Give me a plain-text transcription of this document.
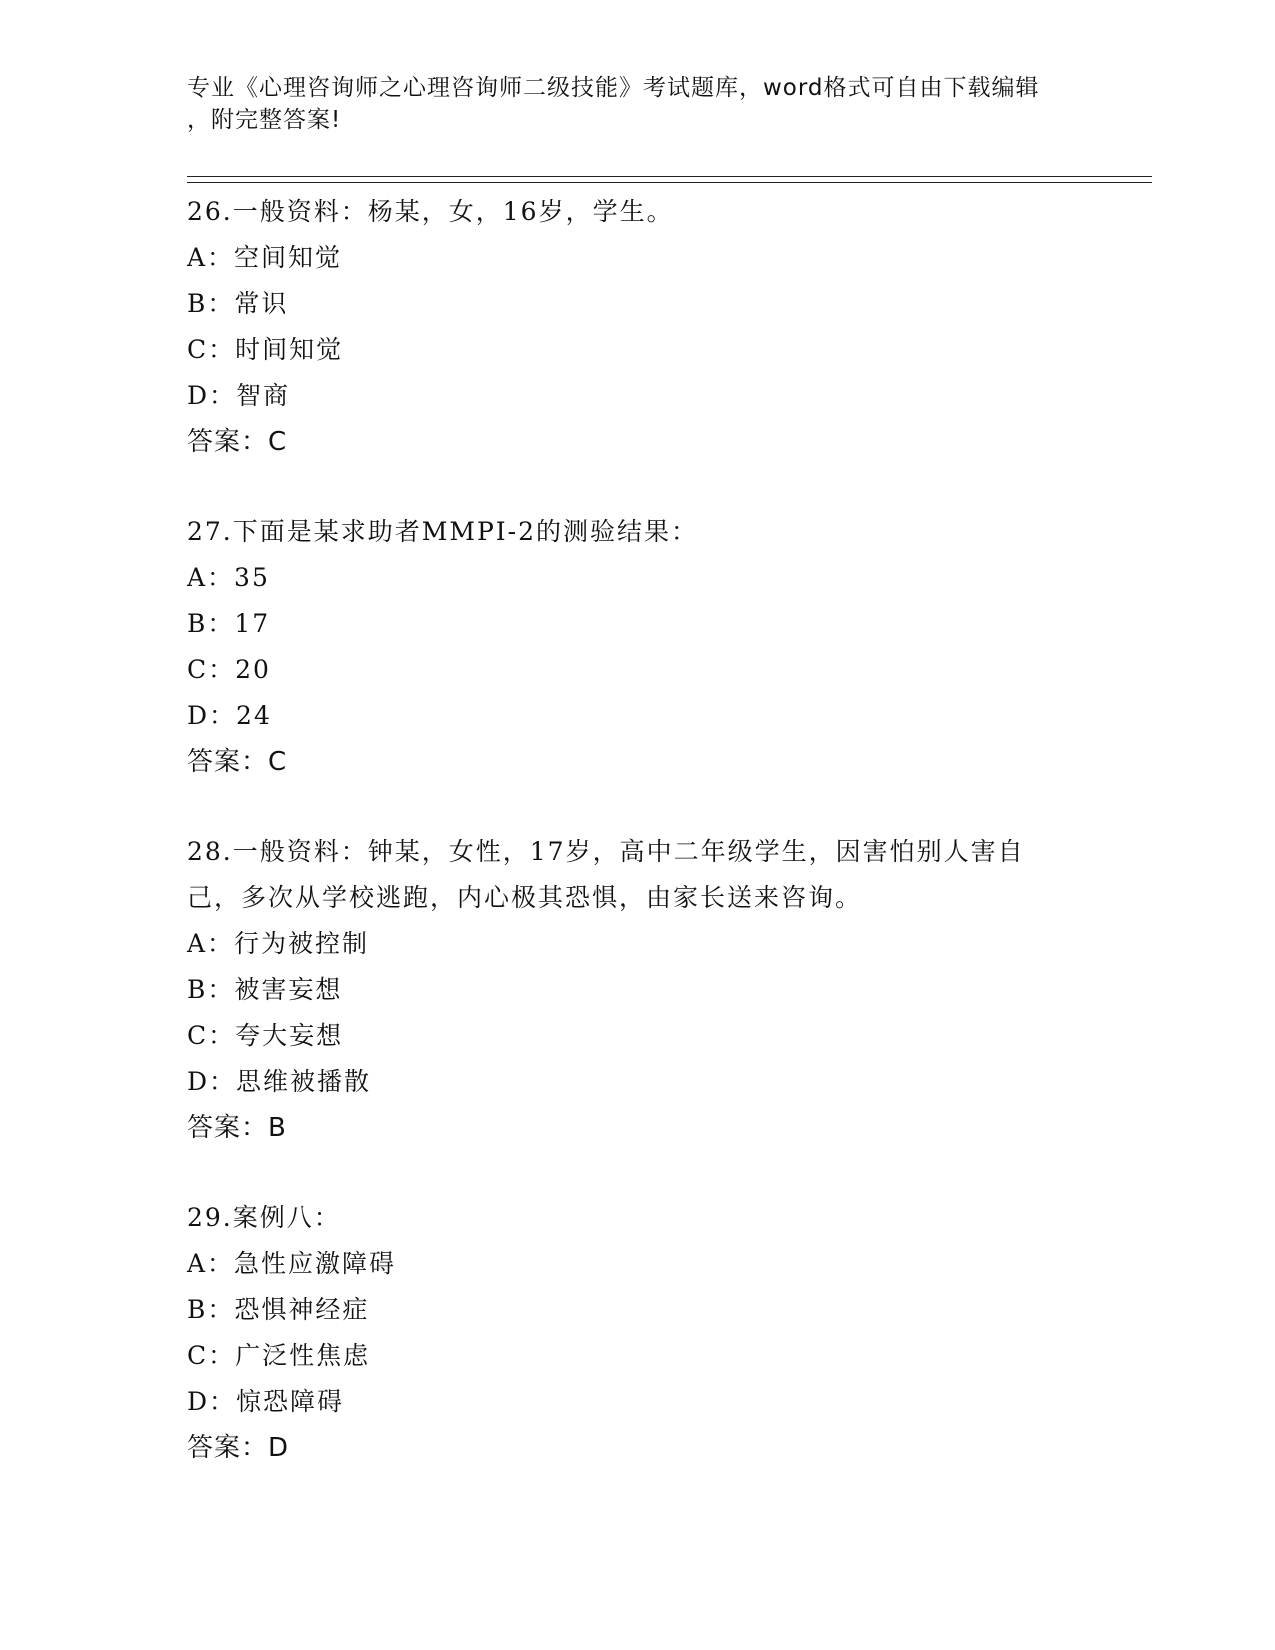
专业《心理咨询师之心理咨询师二级技能》考试题库，word格式可自由下载编辑
，附完整答案!
26.一般资料：杨某，女，16岁，学生。
A：空间知觉
B：常识
C：时间知觉
D：智商
答案：C
27.下面是某求助者MMPI-2的测验结果：
A：35
B：17
C：20
D：24
答案：C
28.一般资料：钟某，女性，17岁，高中二年级学生，因害怕别人害自
己，多次从学校逃跑，内心极其恐惧，由家长送来咨询。
A：行为被控制
B：被害妄想
C：夸大妄想
D：思维被播散
答案：B
29.案例八：
A：急性应激障碍
B：恐惧神经症
C：广泛性焦虑
D：惊恐障碍
答案：D
